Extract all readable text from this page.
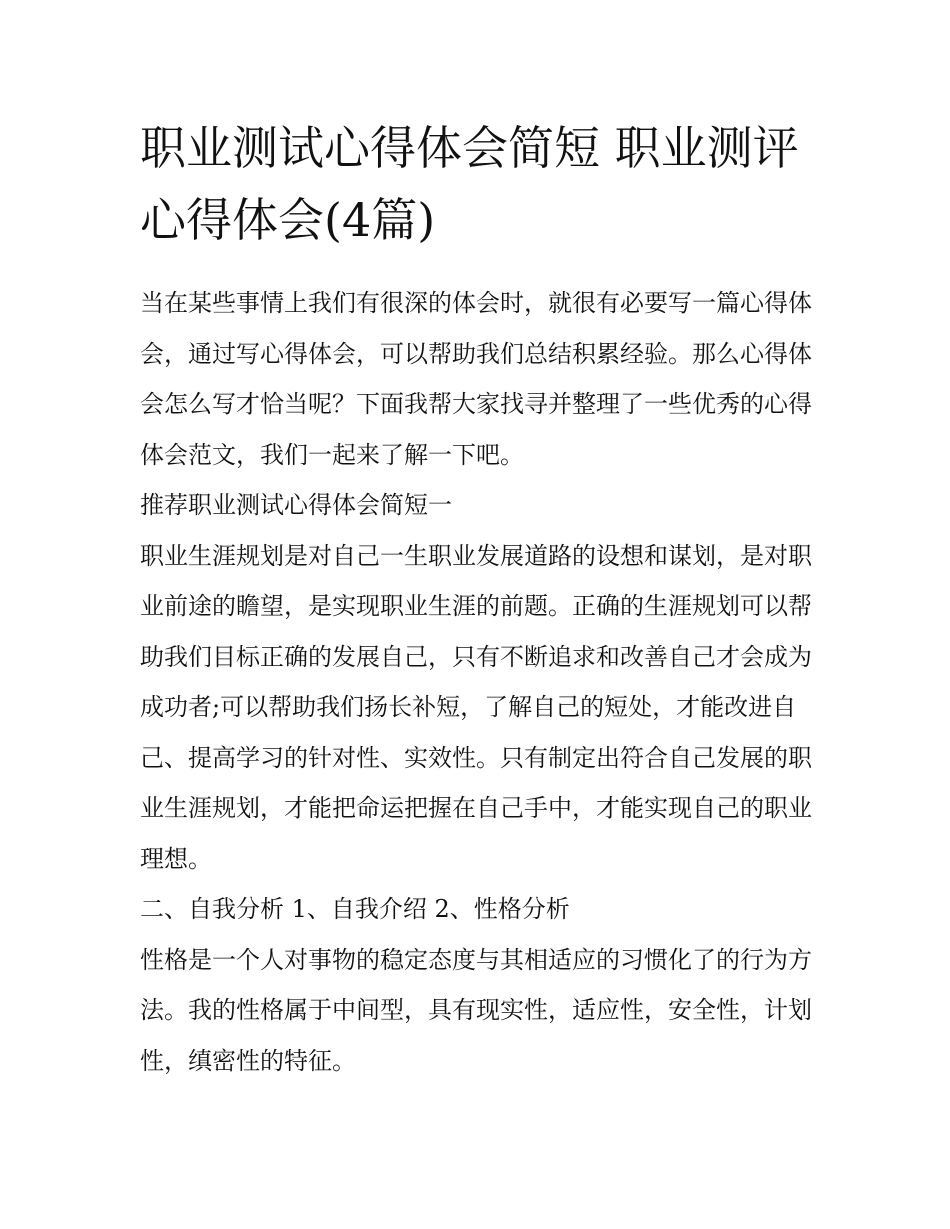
职业测试心得体会简短 职业测评心得体会(4篇)

当在某些事情上我们有很深的体会时，就很有必要写一篇心得体会，通过写心得体会，可以帮助我们总结积累经验。那么心得体会怎么写才恰当呢？下面我帮大家找寻并整理了一些优秀的心得体会范文，我们一起来了解一下吧。

推荐职业测试心得体会简短一

职业生涯规划是对自己一生职业发展道路的设想和谋划，是对职业前途的瞻望，是实现职业生涯的前题。正确的生涯规划可以帮助我们目标正确的发展自己，只有不断追求和改善自己才会成为成功者;可以帮助我们扬长补短，了解自己的短处，才能改进自己、提高学习的针对性、实效性。只有制定出符合自己发展的职业生涯规划，才能把命运把握在自己手中，才能实现自己的职业理想。

二、自我分析 1、自我介绍 2、性格分析

性格是一个人对事物的稳定态度与其相适应的习惯化了的行为方法。我的性格属于中间型，具有现实性，适应性，安全性，计划性，缜密性的特征。
